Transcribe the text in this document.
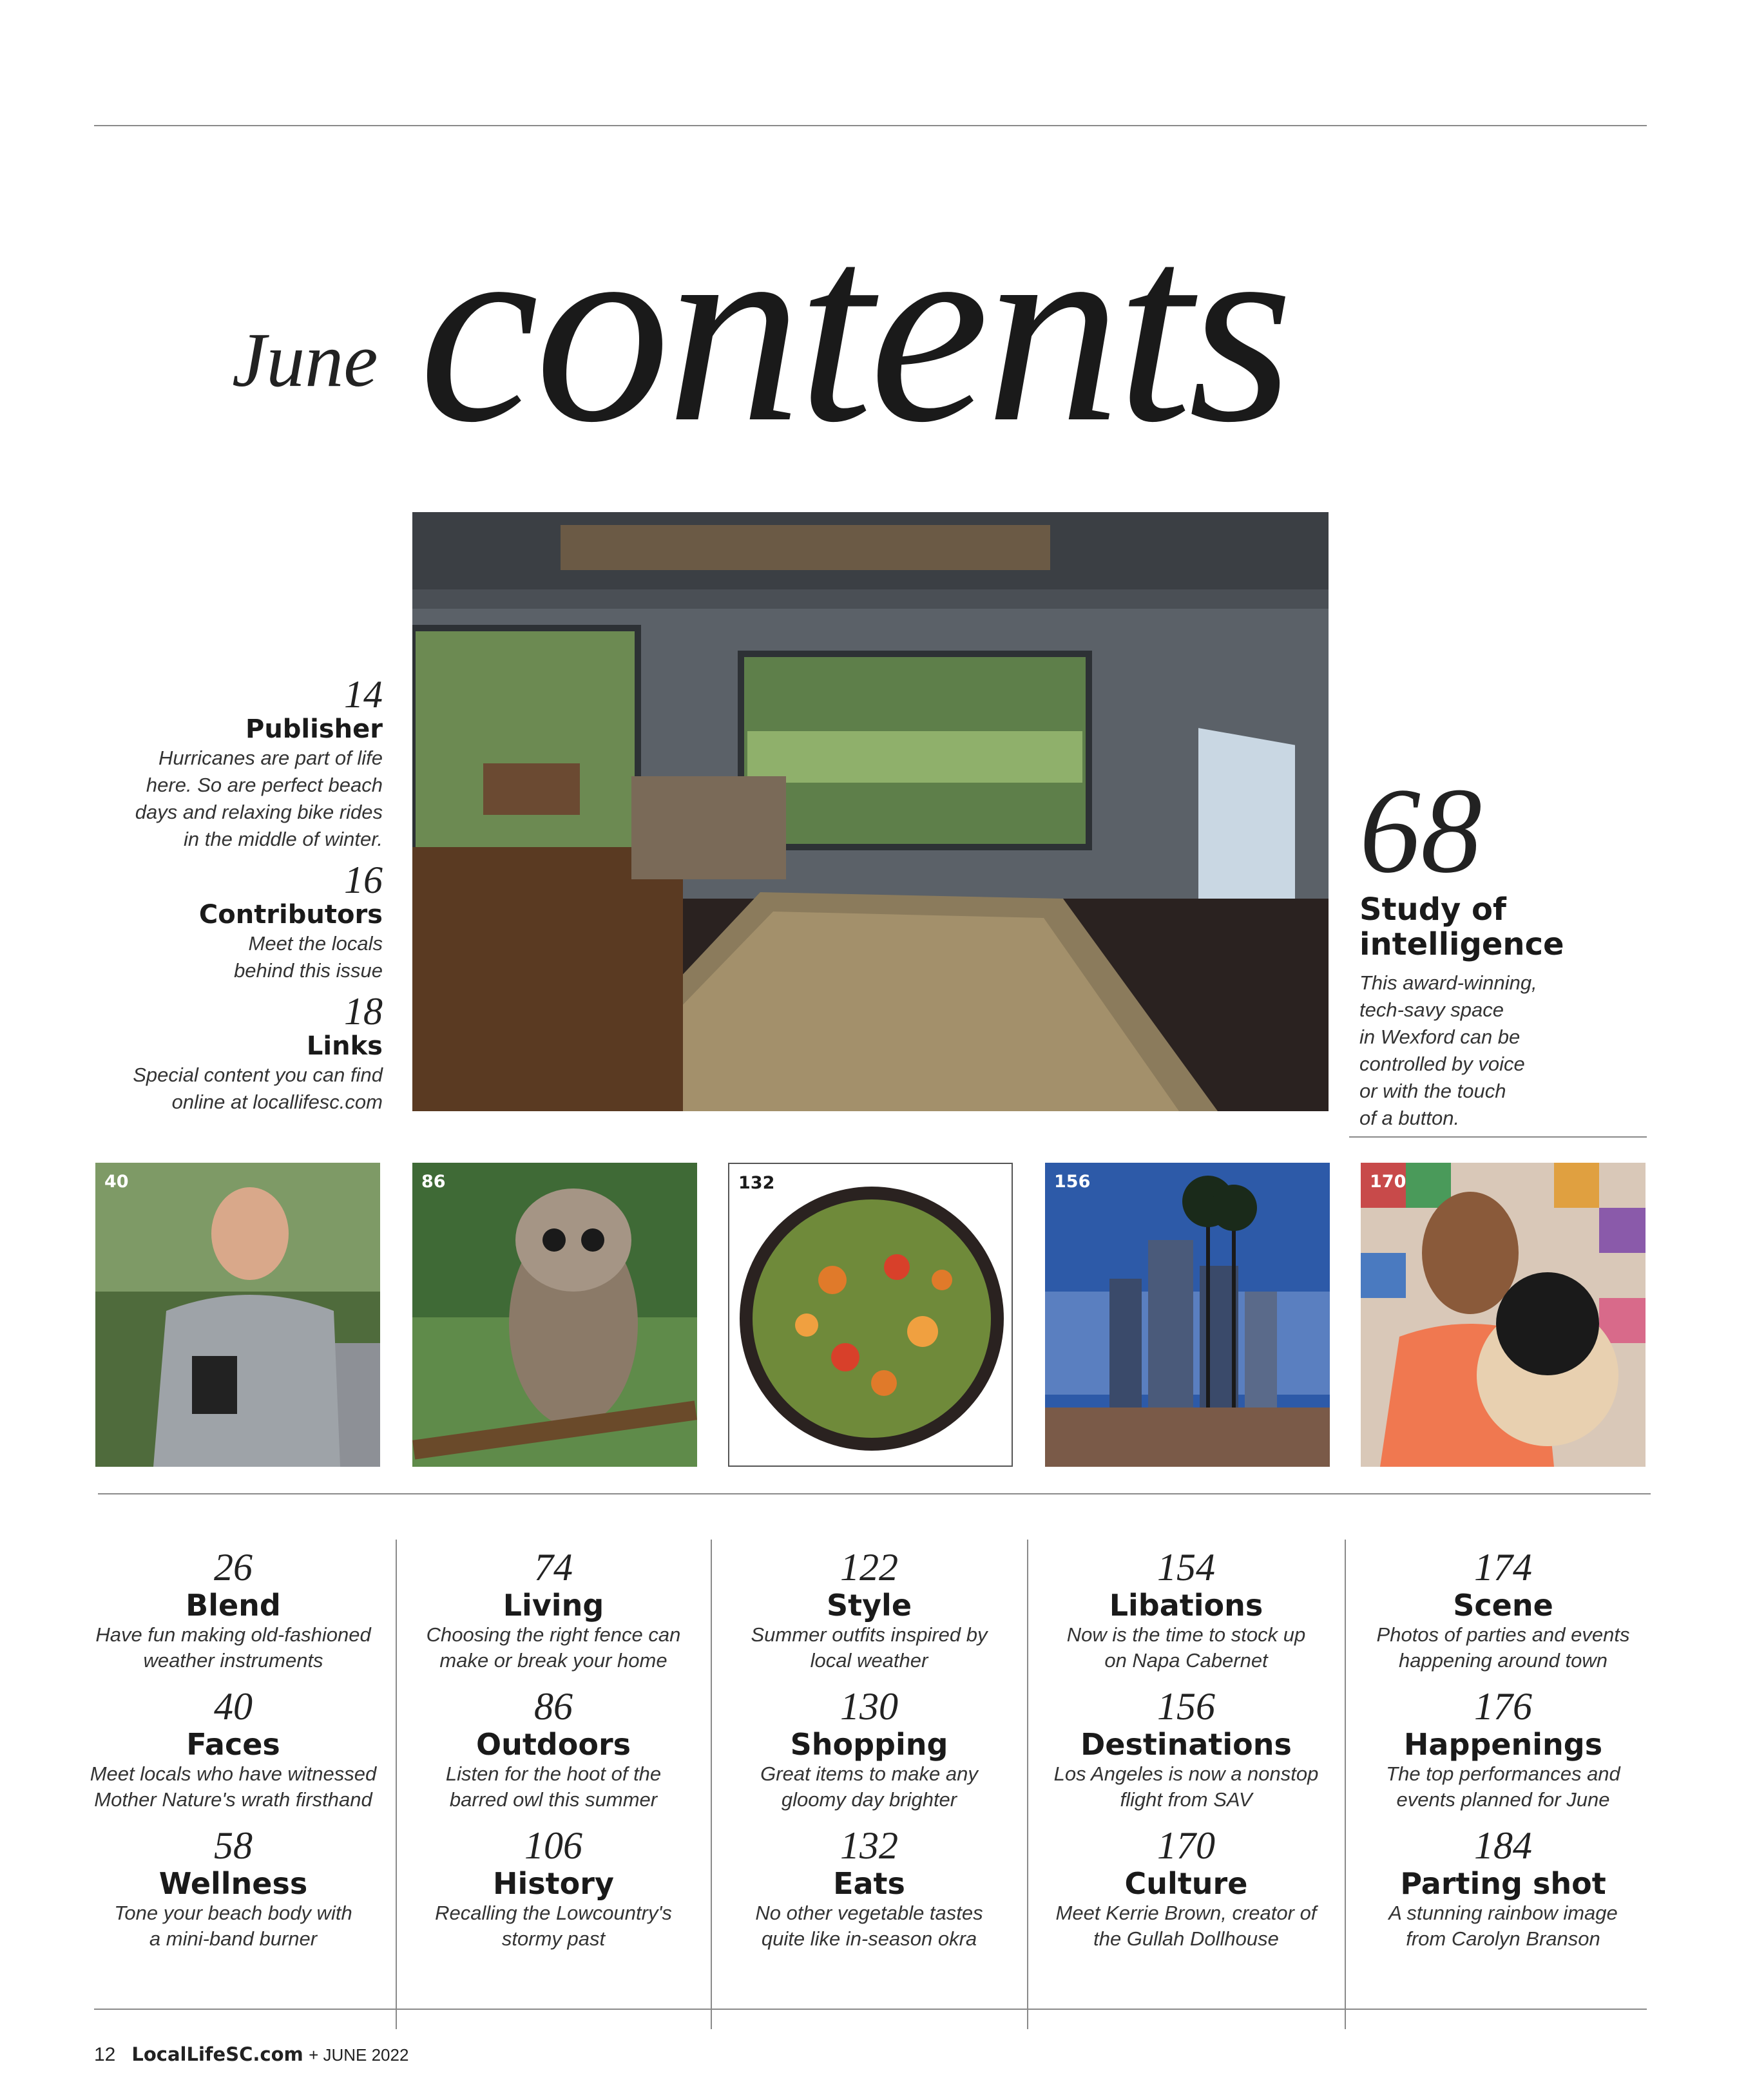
June contents
14
Publisher
Hurricanes are part of life
here. So are perfect beach
days and relaxing bike rides
in the middle of winter.
16
Contributors
Meet the locals
behind this issue
18
Links
Special content you can find
online at locallifesc.com
68
Study of
intelligence
This award-winning,
tech-savy space
in Wexford can be
controlled by voice
or with the touch
of a button.
40	86	132	156	170
26
Blend
Have fun making old-fashioned
weather instruments
40
Faces
Meet locals who have witnessed
Mother Nature's wrath firsthand
58
Wellness
Tone your beach body with
a mini-band burner
74
Living
Choosing the right fence can
make or break your home
86
Outdoors
Listen for the hoot of the
barred owl this summer
106
History
Recalling the Lowcountry's
stormy past
122
Style
Summer outfits inspired by
local weather
130
Shopping
Great items to make any
gloomy day brighter
132
Eats
No other vegetable tastes
quite like in-season okra
154
Libations
Now is the time to stock up
on Napa Cabernet
156
Destinations
Los Angeles is now a nonstop
flight from SAV
170
Culture
Meet Kerrie Brown, creator of
the Gullah Dollhouse
174
Scene
Photos of parties and events
happening around town
176
Happenings
The top performances and
events planned for June
184
Parting shot
A stunning rainbow image
from Carolyn Branson
12 LocalLifeSC.com + JUNE 2022
